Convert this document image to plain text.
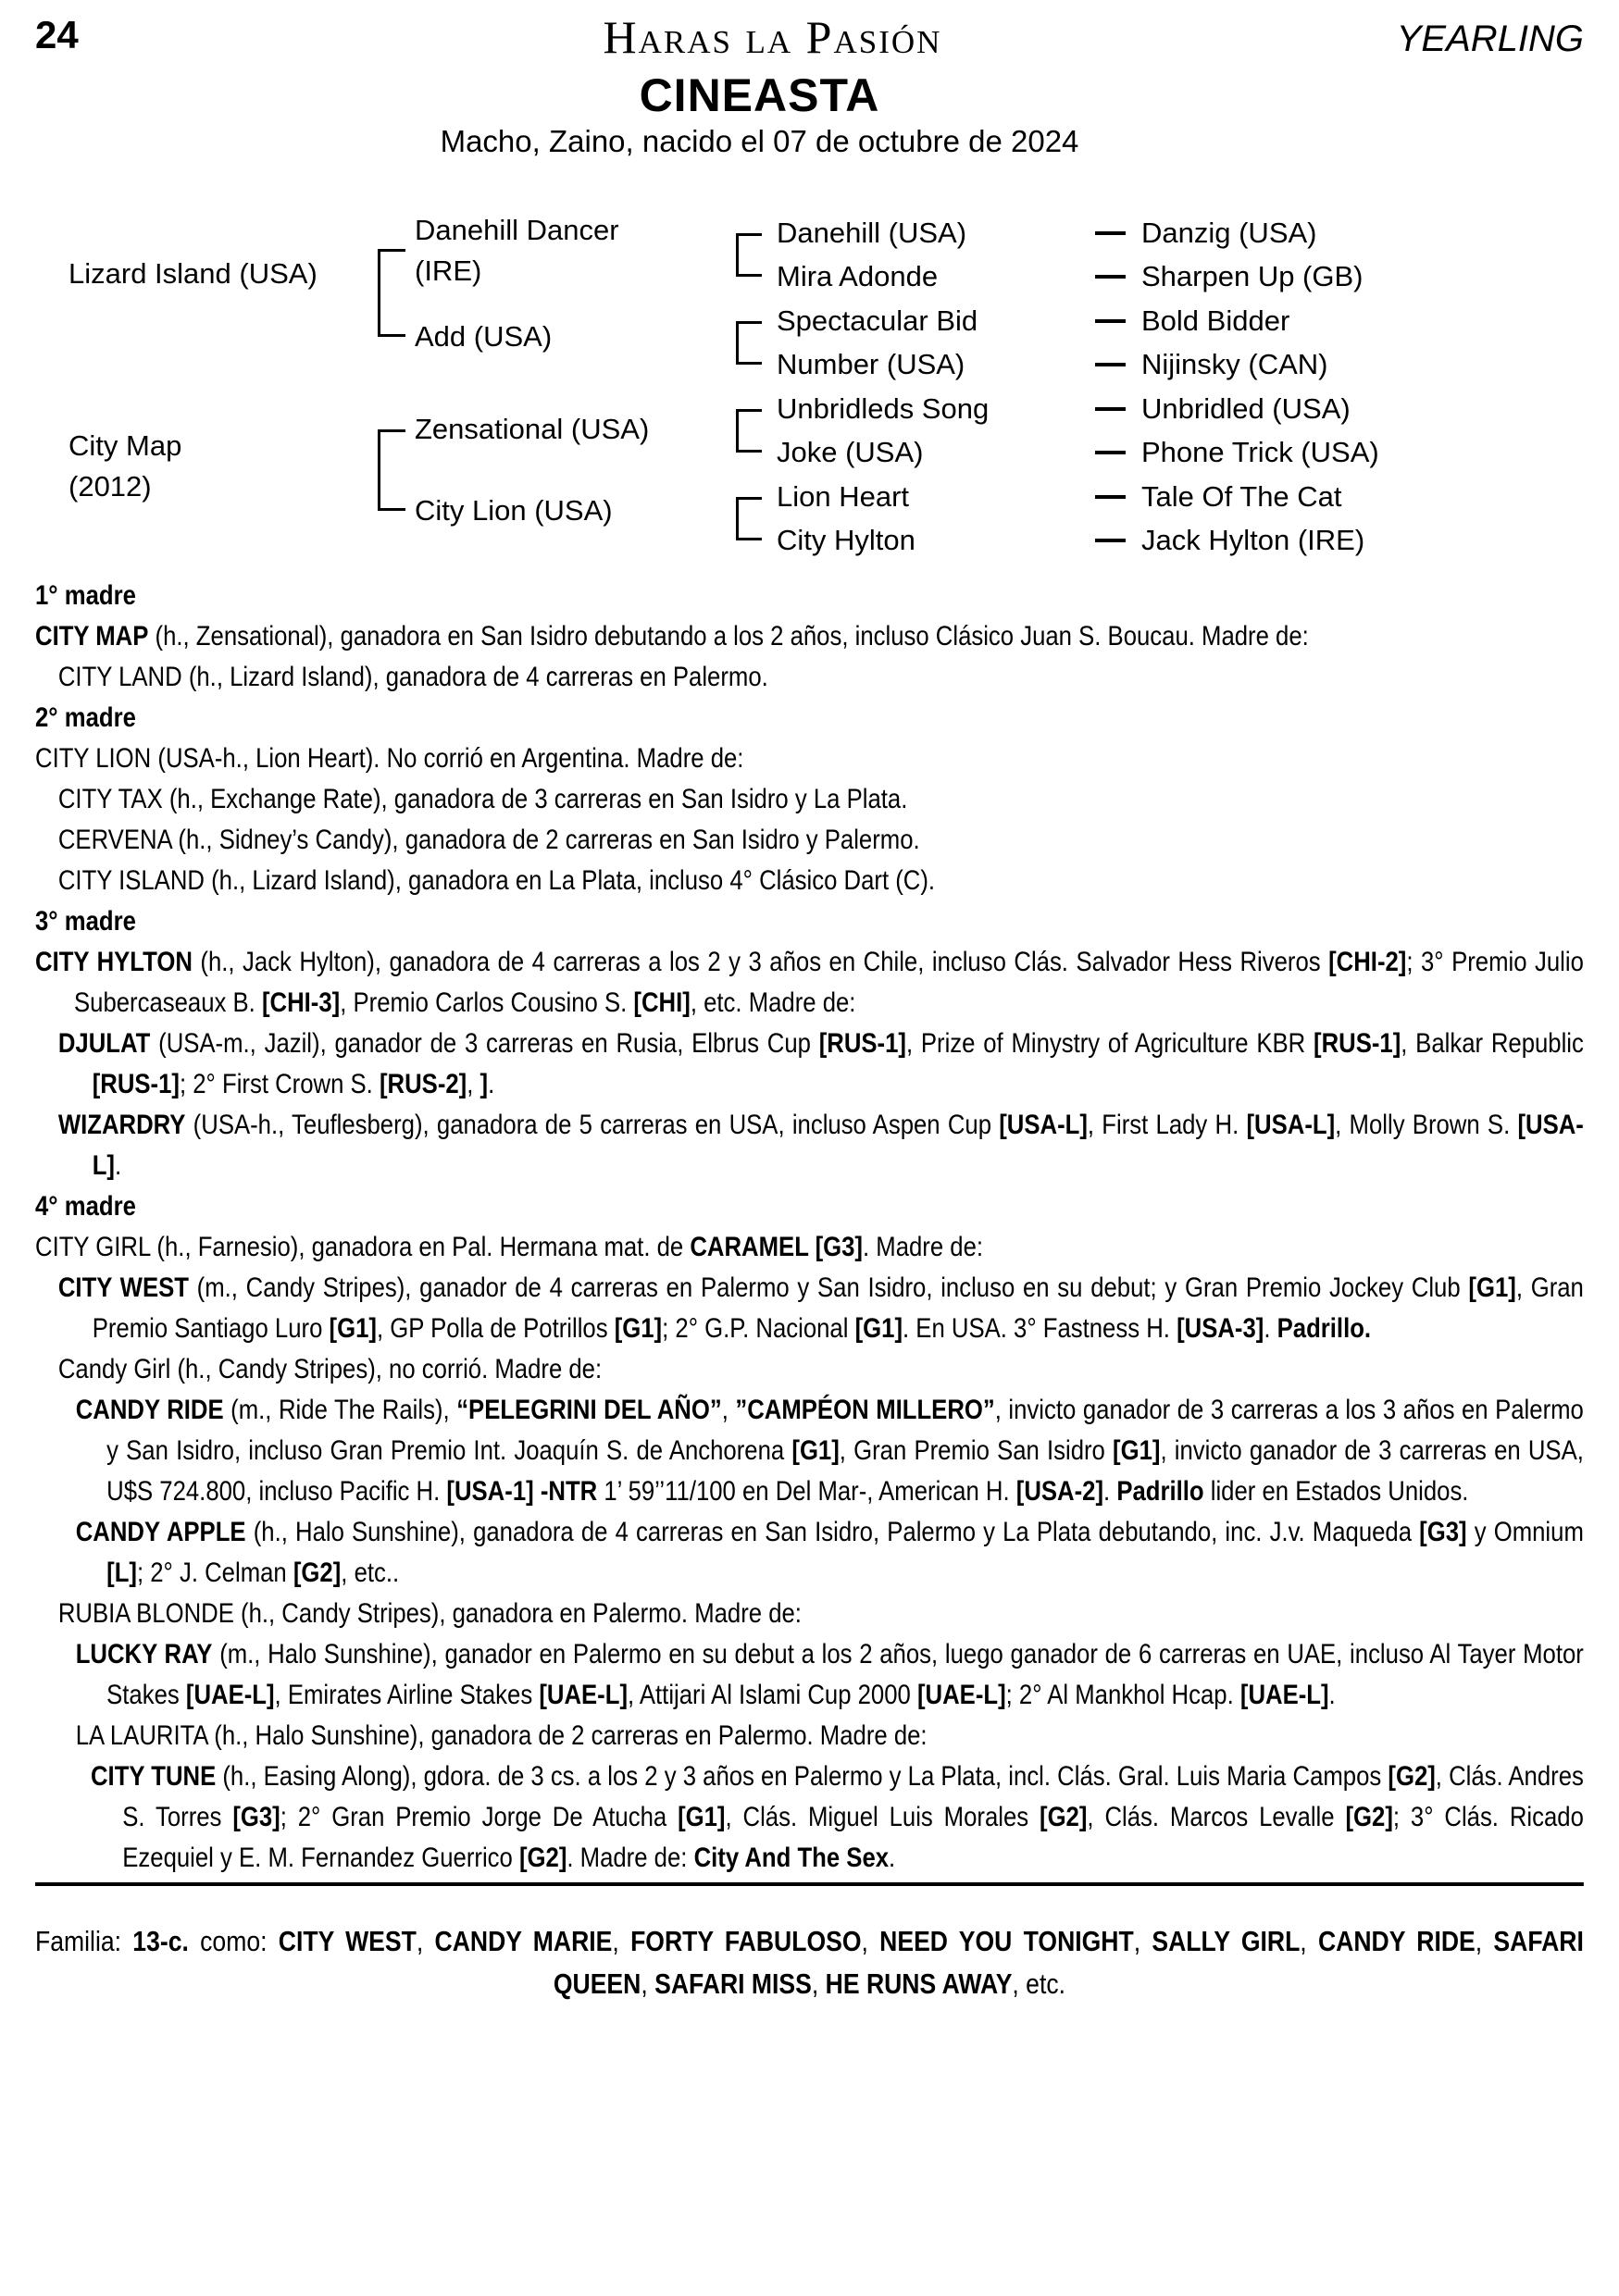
24	Haras la Pasión	YEARLING
CINEASTA
Macho, Zaino, nacido el 07 de octubre de 2024
Lizard Island (USA)
City Map
(2012)
Danehill Dancer
(IRE)
Add (USA)
Zensational (USA)
City Lion (USA)
Danehill (USA)
Mira Adonde
Spectacular Bid
Number (USA)
Unbridleds Song
Joke (USA)
Lion Heart
City Hylton
Danzig (USA)
Sharpen Up (GB)
Bold Bidder
Nijinsky (CAN)
Unbridled (USA)
Phone Trick (USA)
Tale Of The Cat
Jack Hylton (IRE)
1° madre

CITY MAP (h., Zensational), ganadora en San Isidro debutando a los 2 años, incluso Clásico Juan S. Boucau. Madre de:

CITY LAND (h., Lizard Island), ganadora de 4 carreras en Palermo.

2° madre

CITY LION (USA-h., Lion Heart). No corrió en Argentina. Madre de:

CITY TAX (h., Exchange Rate), ganadora de 3 carreras en San Isidro y La Plata.

CERVENA (h., Sidney’s Candy), ganadora de 2 carreras en San Isidro y Palermo.

CITY ISLAND (h., Lizard Island), ganadora en La Plata, incluso 4° Clásico Dart (C).

3° madre

CITY HYLTON (h., Jack Hylton), ganadora de 4 carreras a los 2 y 3 años en Chile, incluso Clás. Salvador Hess Riveros [CHI-2]; 3° Premio Julio Subercaseaux B. [CHI-3], Premio Carlos Cousino S. [CHI], etc. Madre de:

DJULAT (USA-m., Jazil), ganador de 3 carreras en Rusia, Elbrus Cup [RUS-1], Prize of Minystry of Agriculture KBR [RUS-1], Balkar Republic [RUS-1]; 2° First Crown S. [RUS-2], ].

WIZARDRY (USA-h., Teuflesberg), ganadora de 5 carreras en USA, incluso Aspen Cup [USA-L], First Lady H. [USA-L], Molly Brown S. [USA-L].

4° madre

CITY GIRL (h., Farnesio), ganadora en Pal. Hermana mat. de CARAMEL [G3]. Madre de:

CITY WEST (m., Candy Stripes), ganador de 4 carreras en Palermo y San Isidro, incluso en su debut; y Gran Premio Jockey Club [G1], Gran Premio Santiago Luro [G1], GP Polla de Potrillos [G1]; 2° G.P. Nacional [G1]. En USA. 3° Fastness H. [USA-3]. Padrillo.

Candy Girl (h., Candy Stripes), no corrió. Madre de:

CANDY RIDE (m., Ride The Rails), “PELEGRINI DEL AÑO”, ”CAMPÉON MILLERO”, invicto ganador de 3 carreras a los 3 años en Palermo y San Isidro, incluso Gran Premio Int. Joaquín S. de Anchorena [G1], Gran Premio San Isidro [G1], invicto ganador de 3 carreras en USA, U$S 724.800, incluso Pacific H. [USA-1] -NTR 1’ 59’’11/100 en Del Mar-, American H. [USA-2]. Padrillo lider en Estados Unidos.

CANDY APPLE (h., Halo Sunshine), ganadora de 4 carreras en San Isidro, Palermo y La Plata debutando, inc. J.v. Maqueda [G3] y Omnium [L]; 2° J. Celman [G2], etc..

RUBIA BLONDE (h., Candy Stripes), ganadora en Palermo. Madre de:

LUCKY RAY (m., Halo Sunshine), ganador en Palermo en su debut a los 2 años, luego ganador de 6 carreras en UAE, incluso Al Tayer Motor Stakes [UAE-L], Emirates Airline Stakes [UAE-L], Attijari Al Islami Cup 2000 [UAE-L]; 2° Al Mankhol Hcap. [UAE-L].

LA LAURITA (h., Halo Sunshine), ganadora de 2 carreras en Palermo. Madre de:

CITY TUNE (h., Easing Along), gdora. de 3 cs. a los 2 y 3 años en Palermo y La Plata, incl. Clás. Gral. Luis Maria Campos [G2], Clás. Andres S. Torres [G3]; 2° Gran Premio Jorge De Atucha [G1], Clás. Miguel Luis Morales [G2], Clás. Marcos Levalle [G2]; 3° Clás. Ricado Ezequiel y E. M. Fernandez Guerrico [G2]. Madre de: City And The Sex.

Familia: 13-c. como: CITY WEST, CANDY MARIE, FORTY FABULOSO, NEED YOU TONIGHT, SALLY GIRL, CANDY RIDE, SAFARI QUEEN, SAFARI MISS, HE RUNS AWAY, etc.
